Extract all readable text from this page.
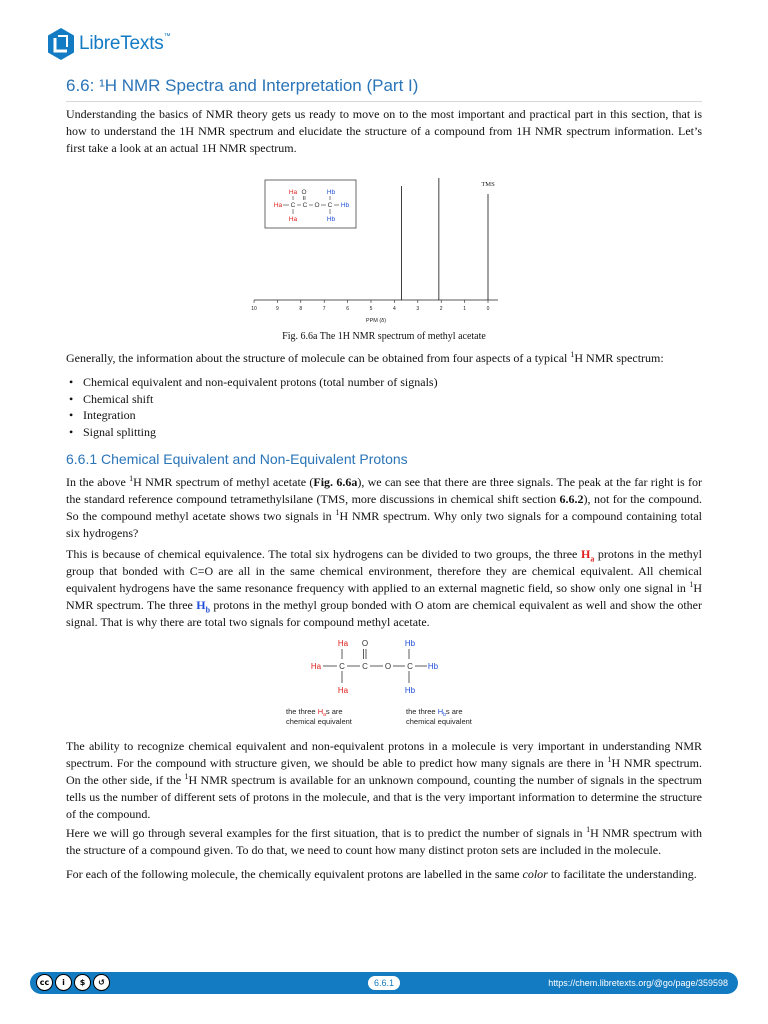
LibreTexts™
6.6: ¹H NMR Spectra and Interpretation (Part I)

Understanding the basics of NMR theory gets us ready to move on to the most important and practical part in this section, that is how to understand the 1H NMR spectrum and elucidate the structure of a compound from 1H NMR spectrum information. Let’s first take a look at an actual 1H NMR spectrum.

Ha O	Hb
Ha C C O C Hb
Ha	Hb
TMS
10	9	8	7	6	5	4	3	2	1	0
PPM (δ)

Fig. 6.6a The 1H NMR spectrum of methyl acetate

Generally, the information about the structure of molecule can be obtained from four aspects of a typical $^1$H NMR spectrum:

• Chemical equivalent and non-equivalent protons (total number of signals)
• Chemical shift
• Integration
• Signal splitting
6.6.1 Chemical Equivalent and Non-Equivalent Protons

In the above $^1$H NMR spectrum of methyl acetate (Fig. 6.6a), we can see that there are three signals. The peak at the far right is for the standard reference compound tetramethylsilane (TMS, more discussions in chemical shift section 6.6.2), not for the compound. So the compound methyl acetate shows two signals in $^1$H NMR spectrum. Why only two signals for a compound containing total six hydrogens?

This is because of chemical equivalence. The total six hydrogens can be divided to two groups, the three $H_a$ protons in the methyl group that bonded with C=O are all in the same chemical environment, therefore they are chemical equivalent. All chemical equivalent hydrogens have the same resonance frequency with applied to an external magnetic field, so show only one signal in $^1$H NMR spectrum. The three $H_b$ protons in the methyl group bonded with O atom are chemical equivalent as well and show the other signal. That is why there are total two signals for compound methyl acetate.

Ha O	Hb
Ha C C O C Hb
Ha	Hb
the three $H_as$ are
chemical equivalent
the three $H_bs$ are
chemical equivalent

The ability to recognize chemical equivalent and non-equivalent protons in a molecule is very important in understanding NMR spectrum. For the compound with structure given, we should be able to predict how many signals are there in $^1$H NMR spectrum. On the other side, if the $^1$H NMR spectrum is available for an unknown compound, counting the number of signals in the spectrum tells us the number of different sets of protons in the molecule, and that is the very important information to determine the structure of the compound.

Here we will go through several examples for the first situation, that is to predict the number of signals in $^1$H NMR spectrum with the structure of a compound given. To do that, we need to count how many distinct proton sets are included in the molecule.

For each of the following molecule, the chemically equivalent protons are labelled in the same color to facilitate the understanding.

cc	i	$	↺	6.6.1	https://chem.libretexts.org/@go/page/359598
